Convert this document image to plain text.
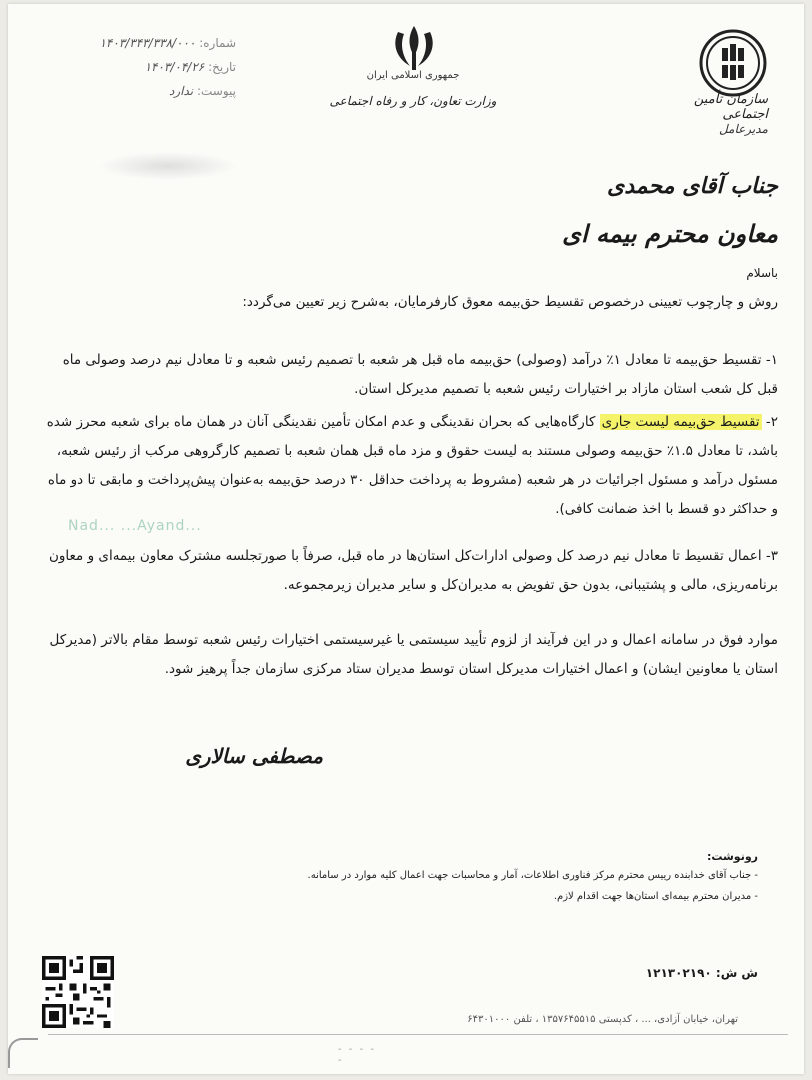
سازمان تأمین اجتماعی
مدیرعامل
جمهوری اسلامی ایران
وزارت تعاون، کار و رفاه اجتماعی
شماره: ۱۴۰۳/۳۴۳/۳۳۸/۰۰۰
تاریخ: ۱۴۰۳/۰۴/۲۶
پیوست: ندارد
جناب آقای محمدی
معاون محترم بیمه ای
باسلام
روش و چارچوب تعیینی درخصوص تقسیط حق‌بیمه معوق کارفرمایان، به‌شرح زیر تعیین می‌گردد:
۱- تقسیط حق‌بیمه تا معادل ۱٪ درآمد (وصولی) حق‌بیمه ماه قبل هر شعبه با تصمیم رئیس شعبه و تا معادل نیم درصد وصولی ماه قبل کل شعب استان مازاد بر اختیارات رئیس شعبه با تصمیم مدیرکل استان.
۲- تقسیط حق‌بیمه لیست جاری کارگاه‌هایی که بحران نقدینگی و عدم امکان تأمین نقدینگی آنان در همان ماه برای شعبه محرز شده باشد، تا معادل ۱.۵٪ حق‌بیمه وصولی مستند به لیست حقوق و مزد ماه قبل همان شعبه با تصمیم کارگروهی مرکب از رئیس شعبه، مسئول درآمد و مسئول اجرائیات در هر شعبه (مشروط به پرداخت حداقل ۳۰ درصد حق‌بیمه به‌عنوان پیش‌پرداخت و مابقی تا دو ماه و حداکثر دو قسط با اخذ ضمانت کافی).
Nad... ...Ayand...
۳- اعمال تقسیط تا معادل نیم درصد کل وصولی ادارات‌کل استان‌ها در ماه قبل، صرفاً با صورتجلسه مشترک معاون بیمه‌ای و معاون برنامه‌ریزی، مالی و پشتیبانی، بدون حق تفویض به مدیران‌کل و سایر مدیران زیرمجموعه.
موارد فوق در سامانه اعمال و در این فرآیند از لزوم تأیید سیستمی یا غیرسیستمی اختیارات رئیس شعبه توسط مقام بالاتر (مدیرکل استان یا معاونین ایشان) و اعمال اختیارات مدیرکل استان توسط مدیران ستاد مرکزی سازمان جداً پرهیز شود.
مصطفی سالاری
رونوشت:
- جناب آقای خدابنده رییس محترم مرکز فناوری اطلاعات، آمار و محاسبات جهت اعمال کلیه موارد در سامانه.
- مدیران محترم بیمه‌ای استان‌ها جهت اقدام لازم.
ش ش: ۱۲۱۳۰۲۱۹۰
تهران، خیابان آزادی، ... ، کدپستی ۱۳۵۷۶۴۵۵۱۵ ، تلفن ۶۴۳۰۱۰۰۰
- - - - -
